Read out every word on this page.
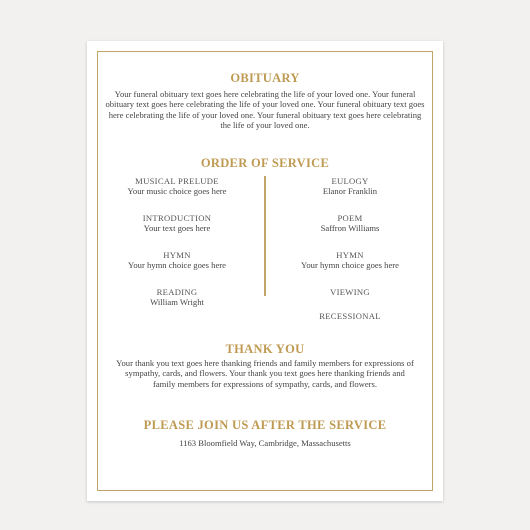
OBITUARY

Your funeral obituary text goes here celebrating the life of your loved one. Your funeral obituary text goes here celebrating the life of your loved one. Your funeral obituary text goes here celebrating the life of your loved one. Your funeral obituary text goes here celebrating the life of your loved one.

ORDER OF SERVICE
MUSICAL PRELUDE
Your music choice goes here
INTRODUCTION
Your text goes here
HYMN
Your hymn choice goes here
READING
William Wright
EULOGY
Elanor Franklin
POEM
Saffron Williams
HYMN
Your hymn choice goes here
VIEWING
RECESSIONAL
THANK YOU

Your thank you text goes here thanking friends and family members for expressions of sympathy, cards, and flowers. Your thank you text goes here thanking friends and family members for expressions of sympathy, cards, and flowers.

PLEASE JOIN US AFTER THE SERVICE

1163 Bloomfield Way, Cambridge, Massachusetts
